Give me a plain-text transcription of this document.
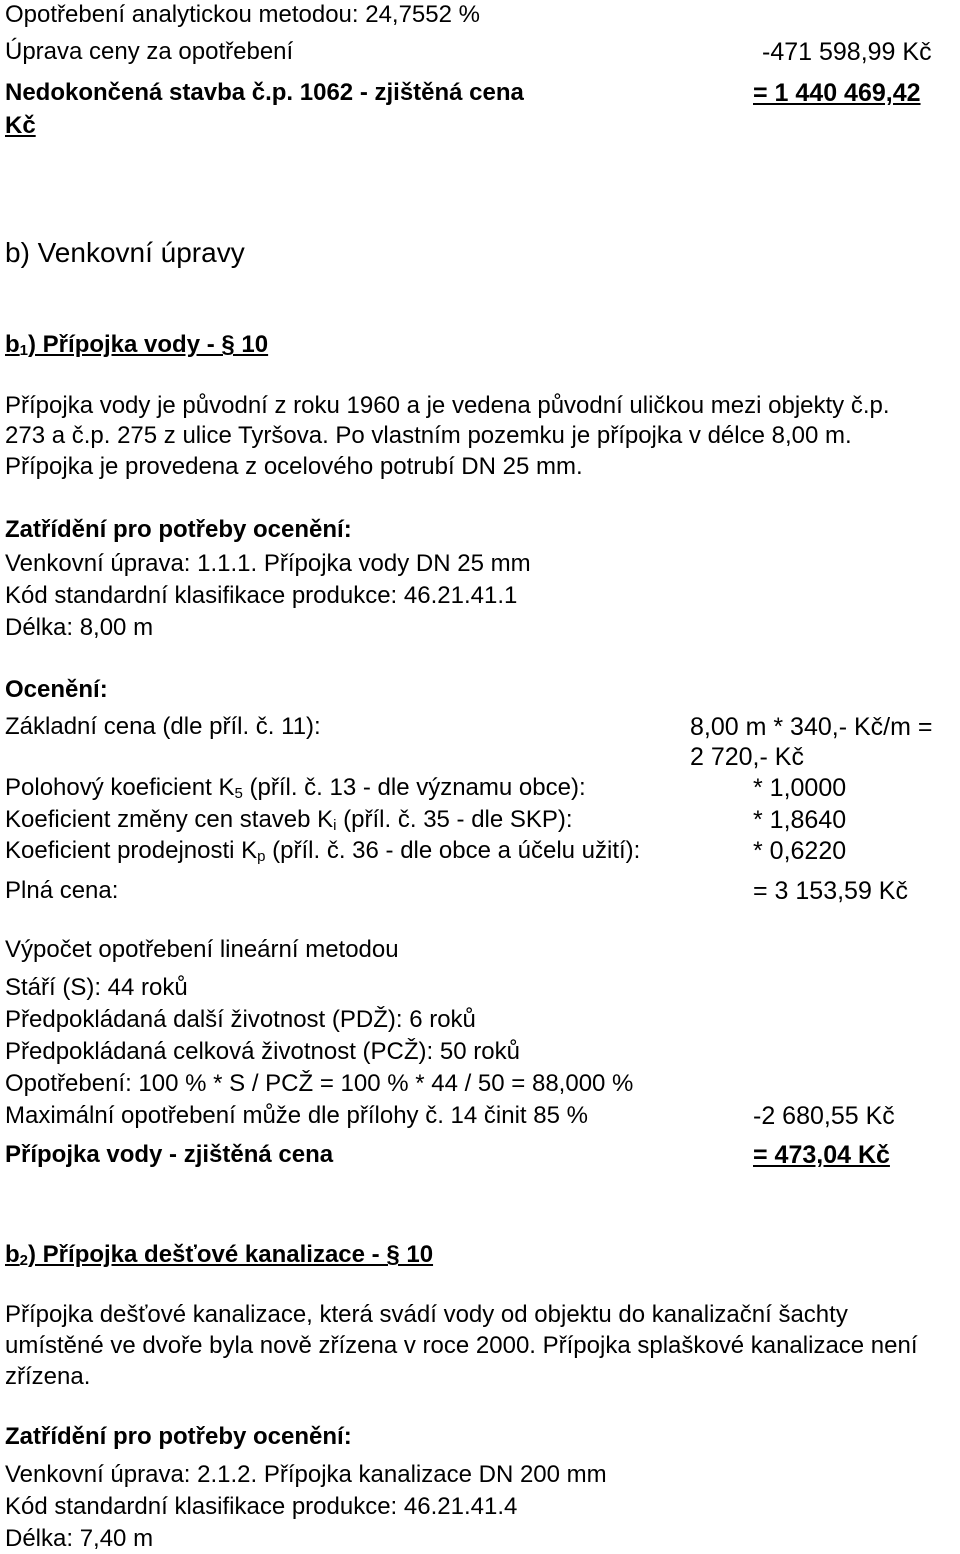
Opotřebení analytickou metodou: 24,7552 %
Úprava ceny za opotřebení	-471 598,99 Kč
Nedokončená stavba č.p. 1062 - zjištěná cena	= 1 440 469,42
Kč
b) Venkovní úpravy
$b_1$) Přípojka vody - § 10
Přípojka vody je původní z roku 1960 a je vedena původní uličkou mezi objekty č.p.
273 a č.p. 275 z ulice Tyršova. Po vlastním pozemku je přípojka v délce 8,00 m.
Přípojka je provedena z ocelového potrubí DN 25 mm.
Zatřídění pro potřeby ocenění:
Venkovní úprava: 1.1.1. Přípojka vody DN 25 mm
Kód standardní klasifikace produkce: 46.21.41.1
Délka: 8,00 m
Ocenění:
Základní cena (dle příl. č. 11):	8,00 m * 340,- Kč/m =
2 720,- Kč
Polohový koeficient $K_5$ (příl. č. 13 - dle významu obce):	* 1,0000
Koeficient změny cen staveb $K_i$ (příl. č. 35 - dle SKP):	* 1,8640
Koeficient prodejnosti $K_p$ (příl. č. 36 - dle obce a účelu užití):	* 0,6220
Plná cena:	= 3 153,59 Kč
Výpočet opotřebení lineární metodou
Stáří (S): 44 roků
Předpokládaná další životnost (PDŽ): 6 roků
Předpokládaná celková životnost (PCŽ): 50 roků
Opotřebení: 100 % * S / PCŽ = 100 % * 44 / 50 = 88,000 %
Maximální opotřebení může dle přílohy č. 14 činit 85 %	-2 680,55 Kč
Přípojka vody - zjištěná cena	= 473,04 Kč
$b_2$) Přípojka dešťové kanalizace - § 10
Přípojka dešťové kanalizace, která svádí vody od objektu do kanalizační šachty
umístěné ve dvoře byla nově zřízena v roce 2000. Přípojka splaškové kanalizace není
zřízena.
Zatřídění pro potřeby ocenění:
Venkovní úprava: 2.1.2. Přípojka kanalizace DN 200 mm
Kód standardní klasifikace produkce: 46.21.41.4
Délka: 7,40 m
